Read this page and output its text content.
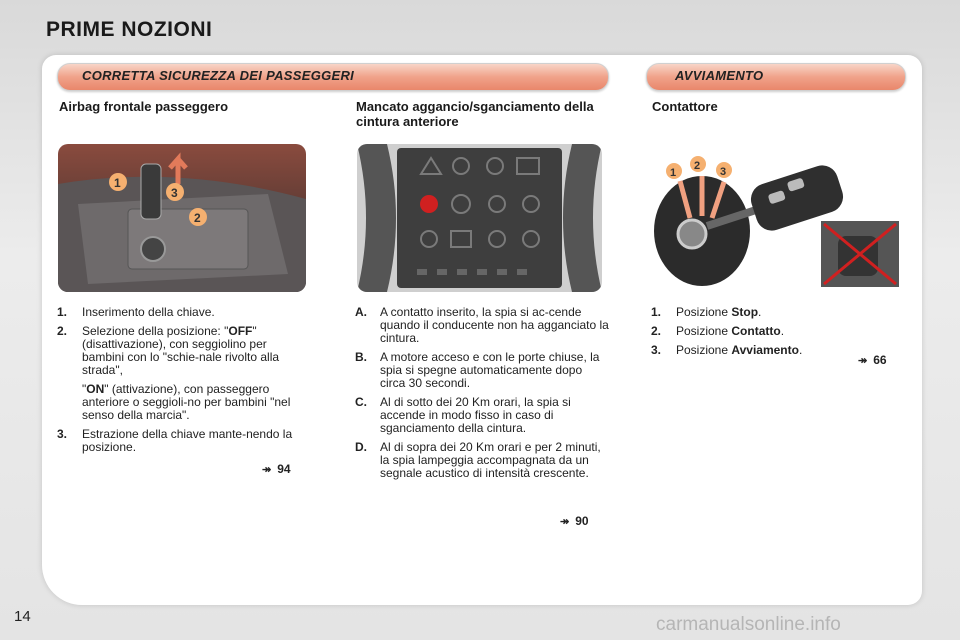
PRIME NOZIONI
CORRETTA SICUREZZA DEI PASSEGGERI	AVVIAMENTO
Airbag frontale passeggero
1
3
2
1.	Inserimento della chiave.
2.	Selezione della posizione: "OFF" (disattivazione), con seggiolino per bambini con lo "schie-nale rivolto alla strada",
"ON" (attivazione), con passeggero anteriore o seggioli-no per bambini "nel senso della marcia".
3.	Estrazione della chiave mante-nendo la posizione.
↠ 94
Mancato aggancio/sganciamento della cintura anteriore
A.	A contatto inserito, la spia si ac-cende quando il conducente non ha agganciato la cintura.
B.	A motore acceso e con le porte chiuse, la spia si spegne automaticamente dopo circa 30 secondi.
C.	Al di sotto dei 20 Km orari, la spia si accende in modo fisso in caso di sganciamento della cintura.
D.	Al di sopra dei 20 Km orari e per 2 minuti, la spia lampeggia accompagnata da un segnale acustico di intensità crescente.
↠ 90
Contattore
1
2 3
1.	Posizione Stop.
2.	Posizione Contatto.
3.	Posizione Avviamento.
↠ 66
14	carmanualsonline.info
